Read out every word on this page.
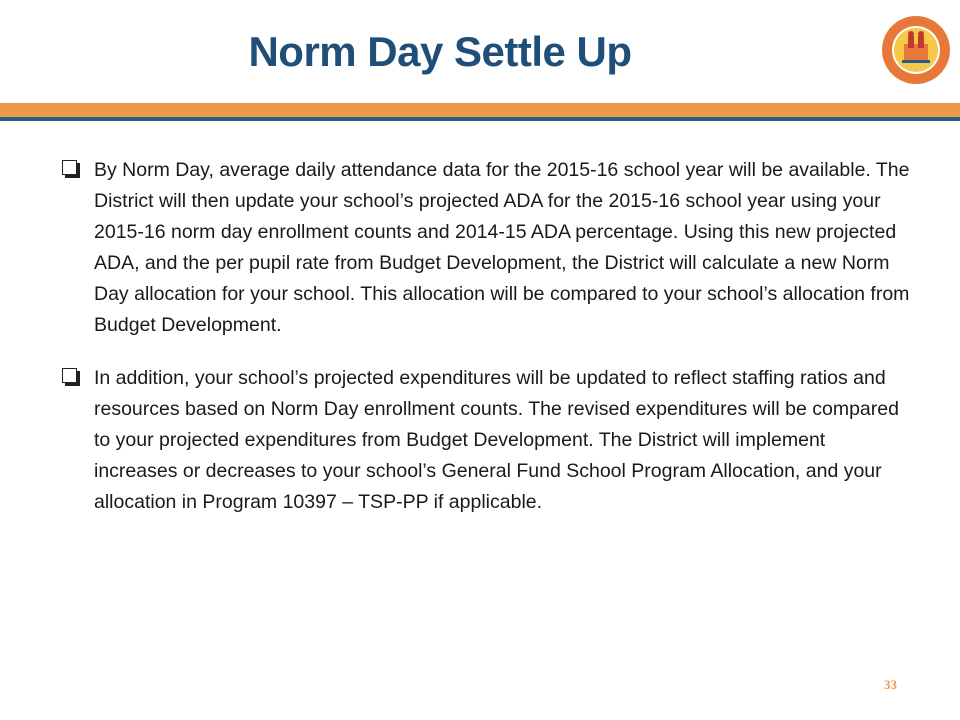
Norm Day Settle Up
By Norm Day, average daily attendance data for the 2015-16 school year will be available. The District will then update your school’s projected ADA for the 2015-16 school year using your 2015-16 norm day enrollment counts and 2014-15 ADA percentage. Using this new projected ADA, and the per pupil rate from Budget Development, the District will calculate a new Norm Day allocation for your school. This allocation will be compared to your school’s allocation from Budget Development.
In addition, your school’s projected expenditures will be updated to reflect staffing ratios and resources based on Norm Day enrollment counts. The revised expenditures will be compared to your projected expenditures from Budget Development. The District will implement increases or decreases to your school’s General Fund School Program Allocation, and your allocation in Program 10397 – TSP-PP if applicable.
33
